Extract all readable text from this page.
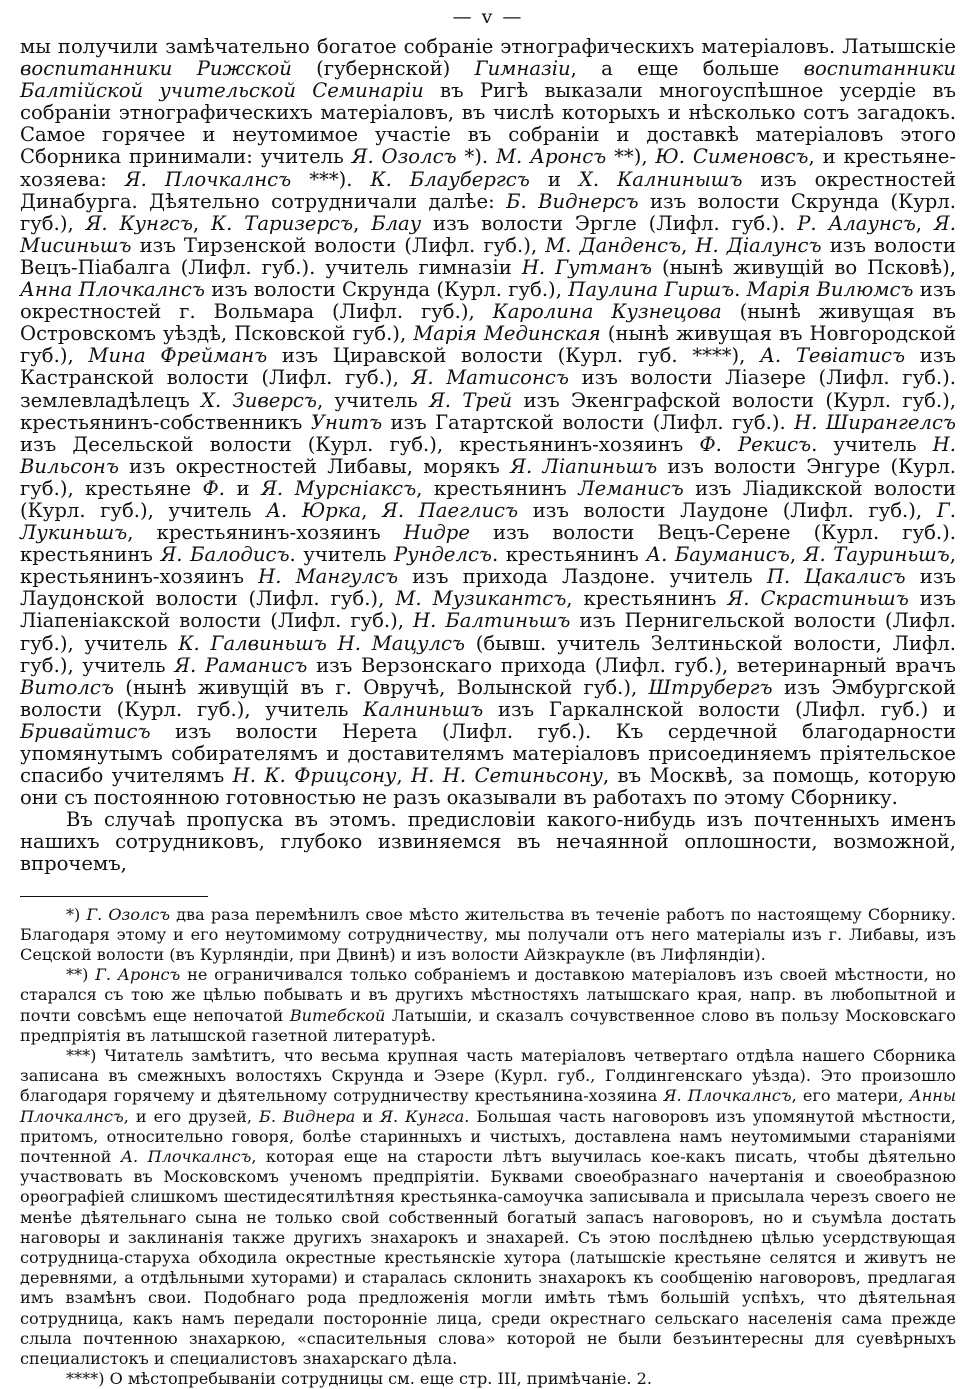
— v —

мы получили замѣчательно богатое собраніе этнографическихъ матеріаловъ. Латышскіе воспитанники Рижской (губернской) Гимназіи, а еще больше воспитанники Балтійской учительской Семинаріи въ Ригѣ выказали многоуспѣшное усердіе въ собраніи этнографическихъ матеріаловъ, въ числѣ которыхъ и нѣсколько сотъ загадокъ. Самое горячее и неутомимое участіе въ собраніи и доставкѣ матеріаловъ этого Сборника принимали: учитель Я. Озолсъ *). М. Аронсъ **), Ю. Сименовсъ, и крестьяне-хозяева: Я. Плочкалнсъ ***). К. Блаубергсъ и Х. Калнинышъ изъ окрестностей Динабурга. Дѣятельно сотрудничали далѣе: Б. Виднерсъ изъ волости Скрунда (Курл. губ.), Я. Кунгсъ, К. Таризерсъ, Блау изъ волости Эргле (Лифл. губ.). Р. Алаунсъ, Я. Мисиньшъ изъ Тирзенской волости (Лифл. губ.), М. Данденсъ, Н. Діалунсъ изъ волости Вецъ-Піабалга (Лифл. губ.). учитель гимназіи Н. Гутманъ (нынѣ живущій во Псковѣ), Анна Плочкалнсъ изъ волости Скрунда (Курл. губ.), Паулина Гиршъ. Марія Вилюмсъ изъ окрестностей г. Вольмара (Лифл. губ.), Каролина Кузнецова (нынѣ живущая въ Островскомъ уѣздѣ, Псковской губ.), Марія Мединская (нынѣ живущая въ Новгородской губ.), Мина Фрейманъ изъ Циравской волости (Курл. губ. ****), А. Тевіатисъ изъ Кастранской волости (Лифл. губ.), Я. Матисонсъ изъ волости Ліазере (Лифл. губ.). землевладѣлецъ Х. Зиверсъ, учитель Я. Трей изъ Экенграфской волости (Курл. губ.), крестьянинъ-собственникъ Унитъ изъ Гатартской волости (Лифл. губ.). Н. Ширангелсъ изъ Десельской волости (Курл. губ.), крестьянинъ-хозяинъ Ф. Рекисъ. учитель Н. Вильсонъ изъ окрестностей Либавы, морякъ Я. Ліапиньшъ изъ волости Энгуре (Курл. губ.), крестьяне Ф. и Я. Мурсніаксъ, крестьянинъ Леманисъ изъ Ліадикской волости (Курл. губ.), учитель А. Юрка, Я. Паеглисъ изъ волости Лаудоне (Лифл. губ.), Г. Лукиньшъ, крестьянинъ-хозяинъ Нидре изъ волости Вецъ-Серене (Курл. губ.). крестьянинъ Я. Балодисъ. учитель Рунделсъ. крестьянинъ А. Бауманисъ, Я. Тауриньшъ, крестьянинъ-хозяинъ Н. Мангулсъ изъ прихода Лаздоне. учитель П. Цакалисъ изъ Лаудонской волости (Лифл. губ.), М. Музикантсъ, крестьянинъ Я. Скрастиньшъ изъ Ліапеніакской волости (Лифл. губ.), Н. Балтиньшъ изъ Пернигельской волости (Лифл. губ.), учитель К. Галвиньшъ Н. Мацулсъ (бывш. учитель Зелтиньской волости, Лифл. губ.), учитель Я. Раманисъ изъ Верзонскаго прихода (Лифл. губ.), ветеринарный врачъ Витолсъ (нынѣ живущій въ г. Овручѣ, Волынской губ.), Штрубергъ изъ Эмбургской волости (Курл. губ.), учитель Калниньшъ изъ Гаркалнской волости (Лифл. губ.) и Бривайтисъ изъ волости Нерета (Лифл. губ.). Къ сердечной благодарности упомянутымъ собирателямъ и доставителямъ матеріаловъ присоединяемъ пріятельское спасибо учителямъ Н. К. Фрицсону, Н. Н. Сетиньсону, въ Москвѣ, за помощь, которую они съ постоянною готовностью не разъ оказывали въ работахъ по этому Сборнику.

Въ случаѣ пропуска въ этомъ. предисловіи какого-нибудь изъ почтенныхъ именъ нашихъ сотрудниковъ, глубоко извиняемся въ нечаянной оплошности, возможной, впрочемъ,

*) Г. Озолсъ два раза перемѣнилъ свое мѣсто жительства въ теченіе работъ по настоящему Сборнику. Благодаря этому и его неутомимому сотрудничеству, мы получали отъ него матеріалы изъ г. Либавы, изъ Сецской волости (въ Курляндіи, при Двинѣ) и изъ волости Айзкраукле (въ Лифляндіи).

**) Г. Аронсъ не ограничивался только собраніемъ и доставкою матеріаловъ изъ своей мѣстности, но старался съ тою же цѣлью побывать и въ другихъ мѣстностяхъ латышскаго края, напр. въ любопытной и почти совсѣмъ еще непочатой Витебской Латышіи, и сказалъ сочувственное слово въ пользу Московскаго предпріятія въ латышской газетной литературѣ.

***) Читатель замѣтитъ, что весьма крупная часть матеріаловъ четвертаго отдѣла нашего Сборника записана въ смежныхъ волостяхъ Скрунда и Эзере (Курл. губ., Голдингенскаго уѣзда). Это произошло благодаря горячему и дѣятельному сотрудничеству крестьянина-хозяина Я. Плочкалнсъ, его матери, Анны Плочкалнсъ, и его друзей, Б. Виднера и Я. Кунгса. Большая часть наговоровъ изъ упомянутой мѣстности, притомъ, относительно говоря, болѣе старинныхъ и чистыхъ, доставлена намъ неутомимыми стараніями почтенной А. Плочкалнсъ, которая еще на старости лѣтъ выучилась кое-какъ писать, чтобы дѣятельно участвовать въ Московскомъ ученомъ предпріятіи. Буквами своеобразнаго начертанія и своеобразною орѳографіей слишкомъ шестидесятилѣтняя крестьянка-самоучка записывала и присылала черезъ своего не менѣе дѣятельнаго сына не только свой собственный богатый запасъ наговоровъ, но и съумѣла достать наговоры и заклинанія также другихъ знахарокъ и знахарей. Съ этою послѣднею цѣлью усердствующая сотрудница-старуха обходила окрестные крестьянскіе хутора (латышскіе крестьяне селятся и живутъ не деревнями, а отдѣльными хуторами) и старалась склонить знахарокъ къ сообщенію наговоровъ, предлагая имъ взамѣнъ свои. Подобнаго рода предложенія могли имѣть тѣмъ большій успѣхъ, что дѣятельная сотрудница, какъ намъ передали посторонніе лица, среди окрестнаго сельскаго населенія сама прежде слыла почтенною знахаркою, «спасительныя слова» которой не были безъинтересны для суевѣрныхъ специалистокъ и специалистовъ знахарскаго дѣла.

****) О мѣстопребываніи сотрудницы см. еще стр. III, примѣчаніе. 2.
